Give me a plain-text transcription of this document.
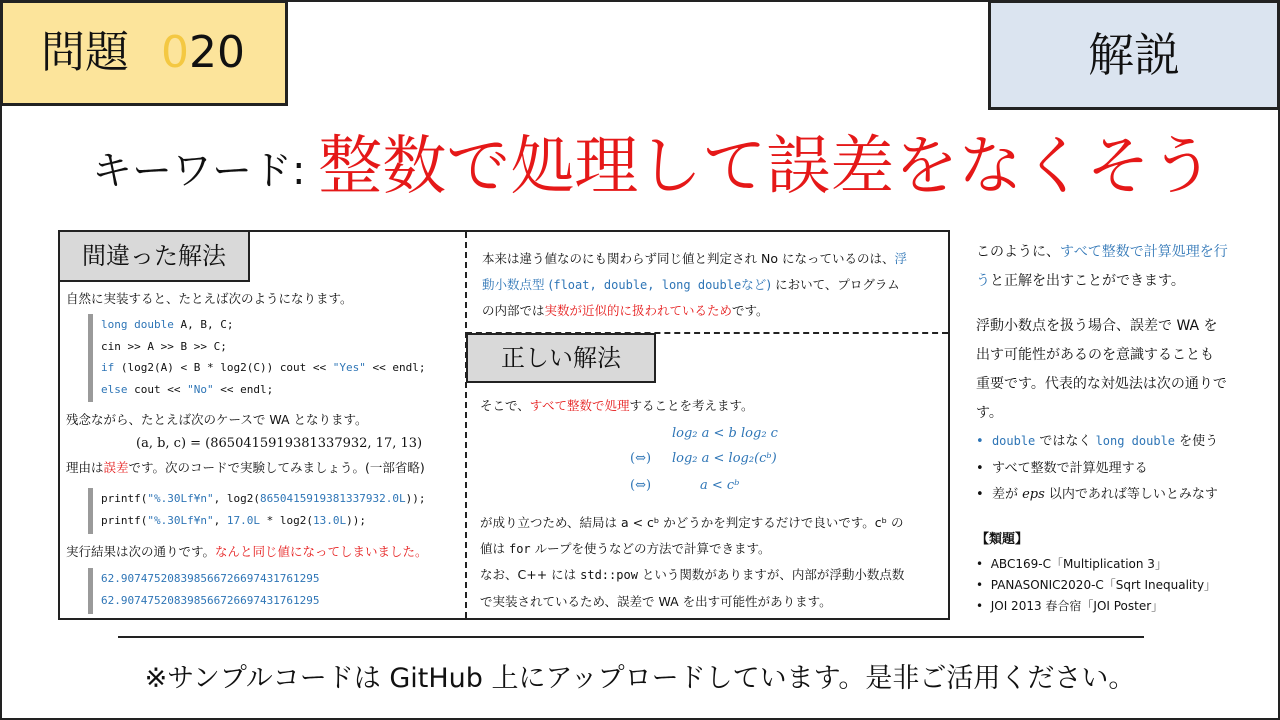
問題 020	解説
キーワード: 整数で処理して誤差をなくそう
間違った解法
自然に実装すると、たとえば次のようになります。
long double A, B, C;
cin >> A >> B >> C;
if (log2(A) < B * log2(C)) cout << "Yes" << endl;
else cout << "No" << endl;
残念ながら、たとえば次のケースで WA となります。
(a, b, c) = (8650415919381337932, 17, 13)
理由は誤差です。次のコードで実験してみましょう。(一部省略)
printf("%.30Lf¥n", log2(8650415919381337932.0L));
printf("%.30Lf¥n", 17.0L * log2(13.0L));
実行結果は次の通りです。なんと同じ値になってしまいました。
62.907475208398566726697431761295
62.907475208398566726697431761295
本来は違う値なのにも関わらず同じ値と判定され No になっているのは、浮
動小数点型 (float, double, long doubleなど) において、プログラム
の内部では実数が近似的に扱われているためです。
正しい解法
そこで、すべて整数で処理することを考えます。
log₂ a < b log₂ c
(⇔) log₂ a < log₂(cᵇ)
(⇔)	a < cᵇ
が成り立つため、結局は a < cᵇ かどうかを判定するだけで良いです。cᵇ の
値は for ループを使うなどの方法で計算できます。
なお、C++ には std::pow という関数がありますが、内部が浮動小数点数
で実装されているため、誤差で WA を出す可能性があります。
このように、すべて整数で計算処理を行
うと正解を出すことができます。
浮動小数点を扱う場合、誤差で WA を
出す可能性があるのを意識することも
重要です。代表的な対処法は次の通りで
す。
•  double ではなく long double を使う
•  すべて整数で計算処理する
•  差が eps 以内であれば等しいとみなす
【類題】
•  ABC169-C「Multiplication 3」
•  PANASONIC2020-C「Sqrt Inequality」
•  JOI 2013 春合宿「JOI Poster」
※サンプルコードは GitHub 上にアップロードしています。是非ご活用ください。
